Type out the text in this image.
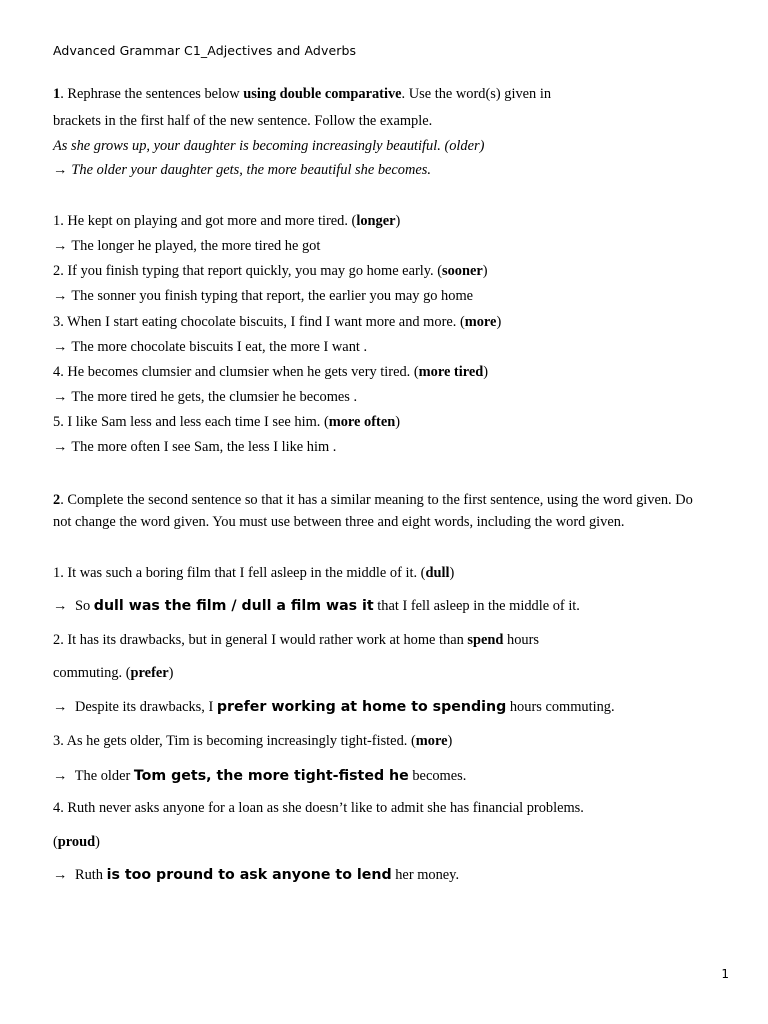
Advanced Grammar C1_Adjectives and Adverbs
1. Rephrase the sentences below using double comparative. Use the word(s) given in
brackets in the first half of the new sentence. Follow the example.
As she grows up, your daughter is becoming increasingly beautiful. (older)
→ The older your daughter gets, the more beautiful she becomes.
1. He kept on playing and got more and more tired. (longer)
→ The longer he played, the more tired he got
2. If you finish typing that report quickly, you may go home early. (sooner)
→ The sonner you finish typing that report, the earlier you may go home
3. When I start eating chocolate biscuits, I find I want more and more. (more)
→ The more chocolate biscuits I eat, the more I want .
4. He becomes clumsier and clumsier when he gets very tired. (more tired)
→ The more tired he gets, the clumsier he becomes .
5. I like Sam less and less each time I see him. (more often)
→ The more often I see Sam, the less I like him .
2. Complete the second sentence so that it has a similar meaning to the first sentence, using the word given. Do not change the word given. You must use between three and eight words, including the word given.
1. It was such a boring film that I fell asleep in the middle of it. (dull)
→ So dull was the film / dull a film was it that I fell asleep in the middle of it.
2. It has its drawbacks, but in general I would rather work at home than spend hours
commuting. (prefer)
→ Despite its drawbacks, I prefer working at home to spending hours commuting.
3. As he gets older, Tim is becoming increasingly tight-fisted. (more)
→ The older Tom gets, the more tight-fisted he becomes.
4. Ruth never asks anyone for a loan as she doesn’t like to admit she has financial problems.
(proud)
→ Ruth is too pround to ask anyone to lend her money.
1
